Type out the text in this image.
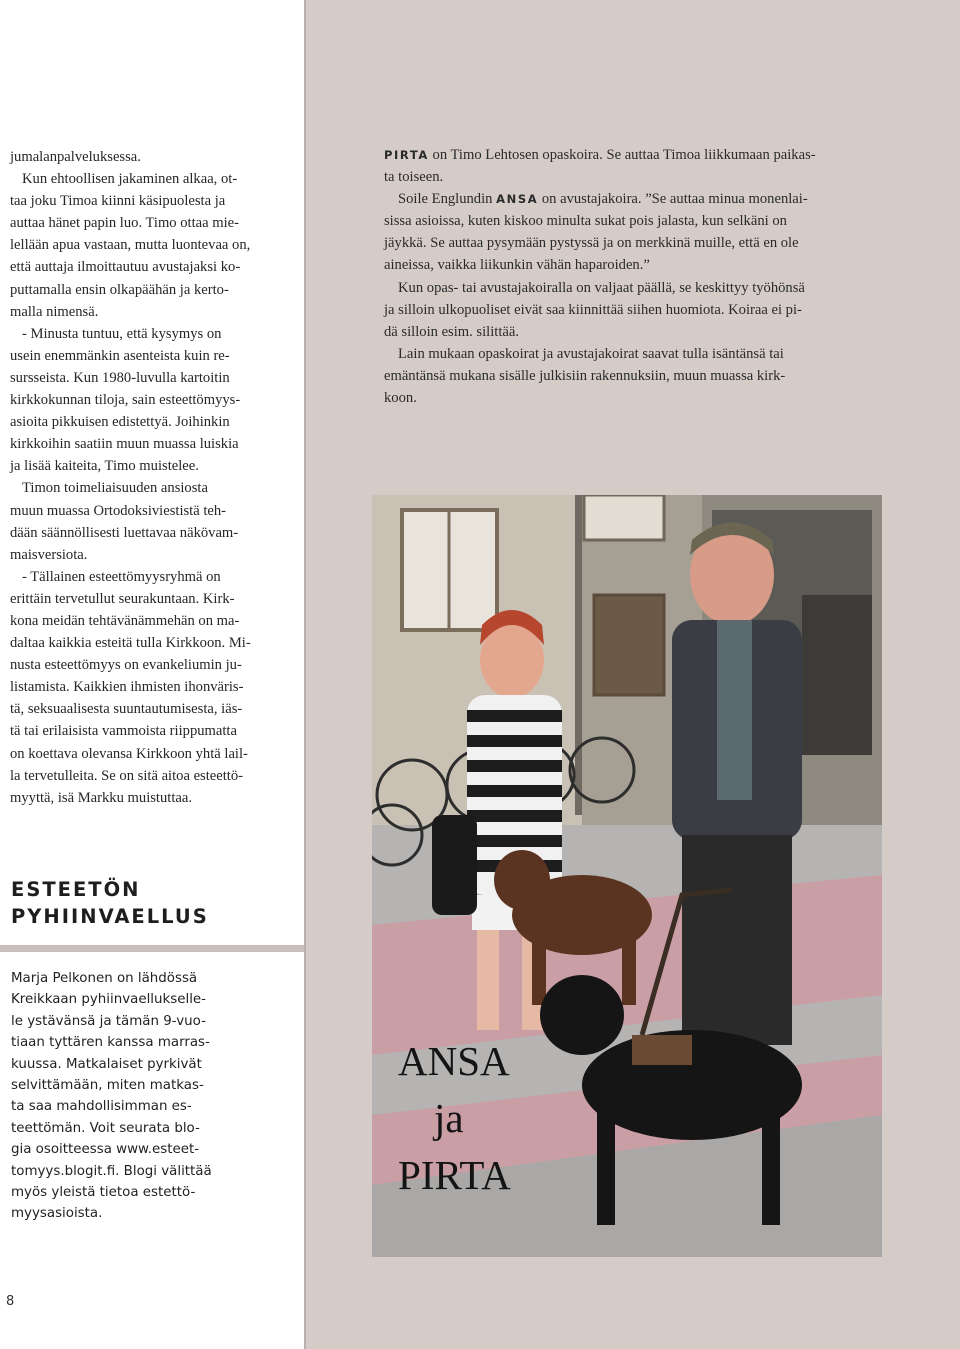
jumalanpalveluksessa.

Kun ehtoollisen jakaminen alkaa, ot-
taa joku Timoa kiinni käsipuolesta ja
auttaa hänet papin luo. Timo ottaa mie-
lellään apua vastaan, mutta luontevaa on,
että auttaja ilmoittautuu avustajaksi ko-
puttamalla ensin olkapäähän ja kerto-
malla nimensä.

- Minusta tuntuu, että kysymys on
usein enemmänkin asenteista kuin re-
sursseista. Kun 1980-luvulla kartoitin
kirkkokunnan tiloja, sain esteettömyys-
asioita pikkuisen edistettyä. Joihinkin
kirkkoihin saatiin muun muassa luiskia
ja lisää kaiteita, Timo muistelee.

Timon toimeliaisuuden ansiosta
muun muassa Ortodoksiviestistä teh-
dään säännöllisesti luettavaa näkövam-
maisversiota.

- Tällainen esteettömyysryhmä on
erittäin tervetullut seurakuntaan. Kirk-
kona meidän tehtävänämmehän on ma-
daltaa kaikkia esteitä tulla Kirkkoon. Mi-
nusta esteettömyys on evankeliumin ju-
listamista. Kaikkien ihmisten ihonväris-
tä, seksuaalisesta suuntautumisesta, iäs-
tä tai erilaisista vammoista riippumatta
on koettava olevansa Kirkkoon yhtä lail-
la tervetulleita. Se on sitä aitoa esteettö-
myyttä, isä Markku muistuttaa.

ESTEETÖN
PYHIINVAELLUS
Marja Pelkonen on lähdössä
Kreikkaan pyhiinvaellukselle-
le ystävänsä ja tämän 9-vuo-
tiaan tyttären kanssa marras-
kuussa. Matkalaiset pyrkivät
selvittämään, miten matkas-
ta saa mahdollisimman es-
teettömän. Voit seurata blo-
gia osoitteessa www.esteet-
tomyys.blogit.fi. Blogi välittää
myös yleistä tietoa estettö-
myysasioista.
8

PIRTA on Timo Lehtosen opaskoira. Se auttaa Timoa liikkumaan paikas-
ta toiseen.

Soile Englundin ANSA on avustajakoira. ”Se auttaa minua monenlai-
sissa asioissa, kuten kiskoo minulta sukat pois jalasta, kun selkäni on
jäykkä. Se auttaa pysymään pystyssä ja on merkkinä muille, että en ole
aineissa, vaikka liikunkin vähän haparoiden.”

Kun opas- tai avustajakoiralla on valjaat päällä, se keskittyy työhönsä
ja silloin ulkopuoliset eivät saa kiinnittää siihen huomiota. Koiraa ei pi-
dä silloin esim. silittää.

Lain mukaan opaskoirat ja avustajakoirat saavat tulla isäntänsä tai
emäntänsä mukana sisälle julkisiin rakennuksiin, muun muassa kirk-
koon.

ANSA
ja
PIRTA
